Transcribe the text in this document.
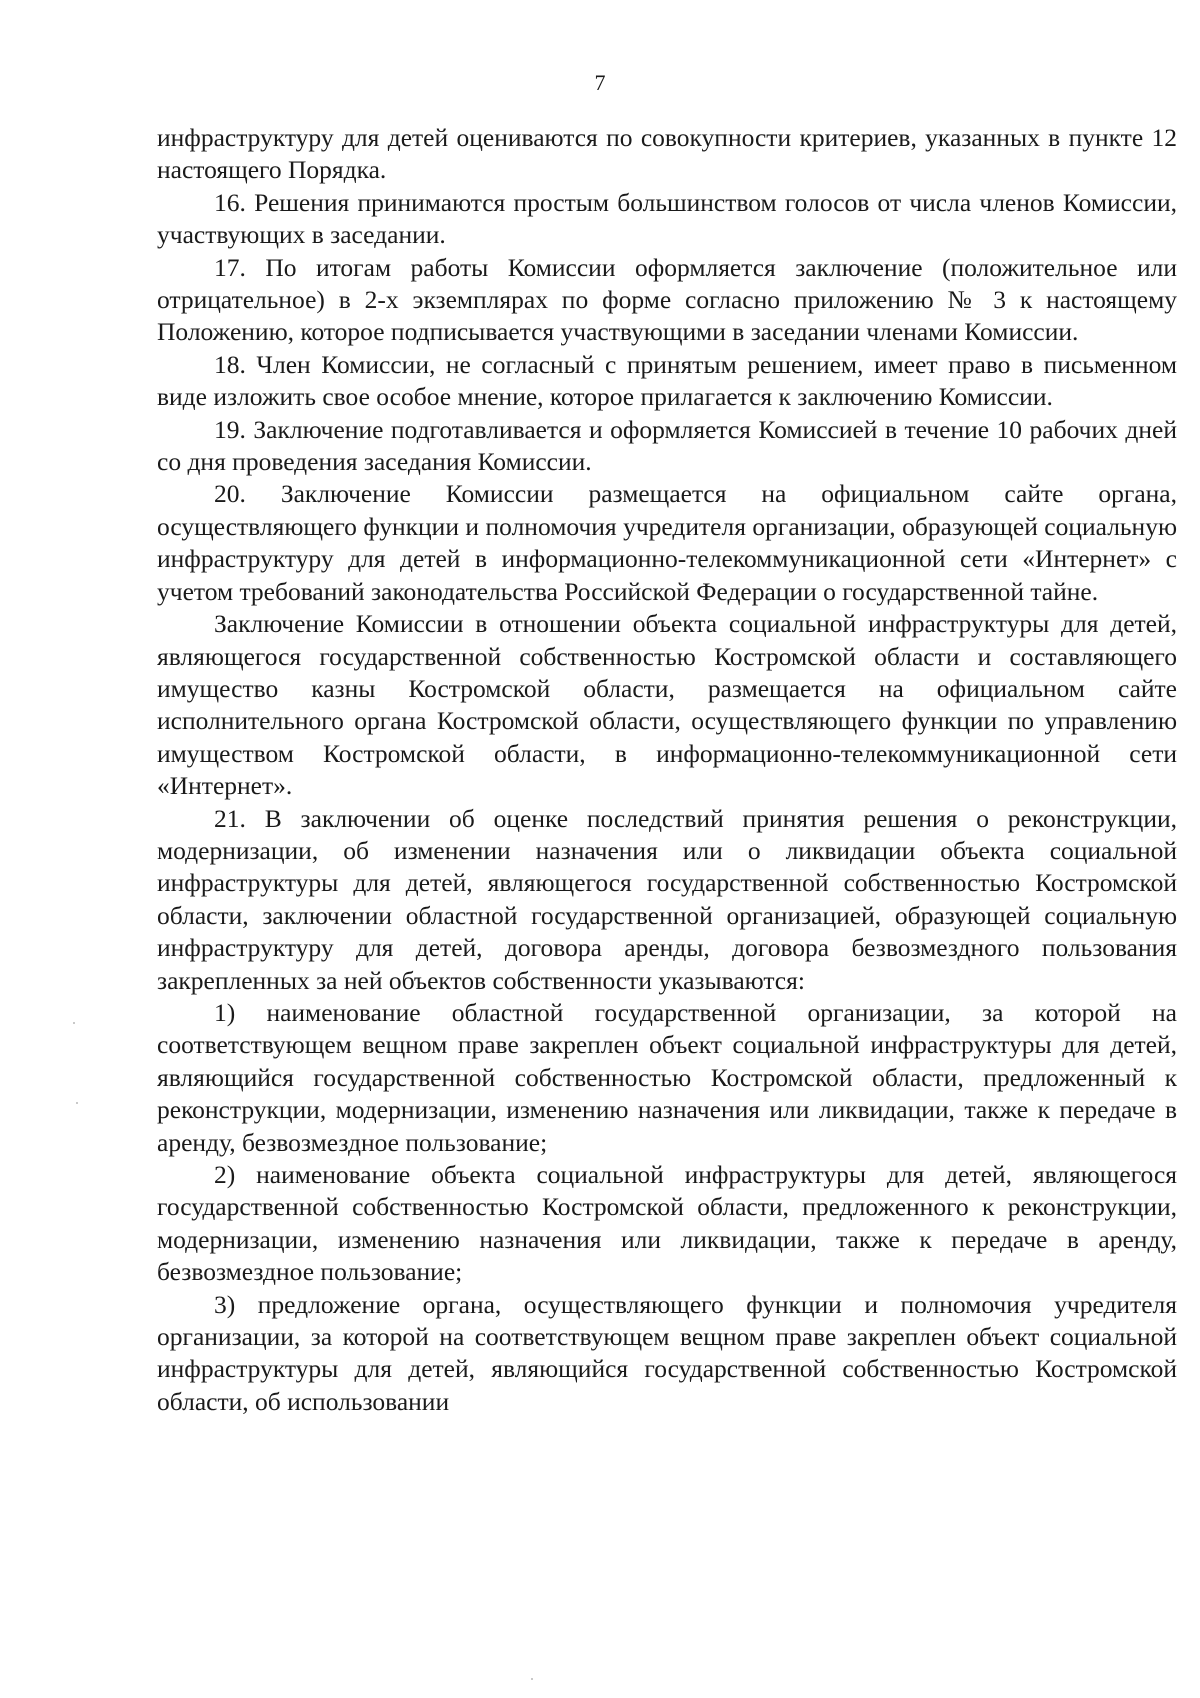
7

инфраструктуру для детей оцениваются по совокупности критериев, указанных в пункте 12 настоящего Порядка.

16. Решения принимаются простым большинством голосов от числа членов Комиссии, участвующих в заседании.

17. По итогам работы Комиссии оформляется заключение (положительное или отрицательное) в 2-х экземплярах по форме согласно приложению № 3 к настоящему Положению, которое подписывается участвующими в заседании членами Комиссии.

18. Член Комиссии, не согласный с принятым решением, имеет право в письменном виде изложить свое особое мнение, которое прилагается к заключению Комиссии.

19. Заключение подготавливается и оформляется Комиссией в течение 10 рабочих дней со дня проведения заседания Комиссии.

20. Заключение Комиссии размещается на официальном сайте органа, осуществляющего функции и полномочия учредителя организации, образующей социальную инфраструктуру для детей в информационно-телекоммуникационной сети «Интернет» с учетом требований законодательства Российской Федерации о государственной тайне.

Заключение Комиссии в отношении объекта социальной инфраструктуры для детей, являющегося государственной собственностью Костромской области и составляющего имущество казны Костромской области, размещается на официальном сайте исполнительного органа Костромской области, осуществляющего функции по управлению имуществом Костромской области, в информационно-телекоммуникационной сети «Интернет».

21. В заключении об оценке последствий принятия решения о реконструкции, модернизации, об изменении назначения или о ликвидации объекта социальной инфраструктуры для детей, являющегося государственной собственностью Костромской области, заключении областной государственной организацией, образующей социальную инфраструктуру для детей, договора аренды, договора безвозмездного пользования закрепленных за ней объектов собственности указываются:

1) наименование областной государственной организации, за которой на соответствующем вещном праве закреплен объект социальной инфраструктуры для детей, являющийся государственной собственностью Костромской области, предложенный к реконструкции, модернизации, изменению назначения или ликвидации, также к передаче в аренду, безвозмездное пользование;

2) наименование объекта социальной инфраструктуры для детей, являющегося государственной собственностью Костромской области, предложенного к реконструкции, модернизации, изменению назначения или ликвидации, также к передаче в аренду, безвозмездное пользование;

3) предложение органа, осуществляющего функции и полномочия учредителя организации, за которой на соответствующем вещном праве закреплен объект социальной инфраструктуры для детей, являющийся государственной собственностью Костромской области, об использовании
